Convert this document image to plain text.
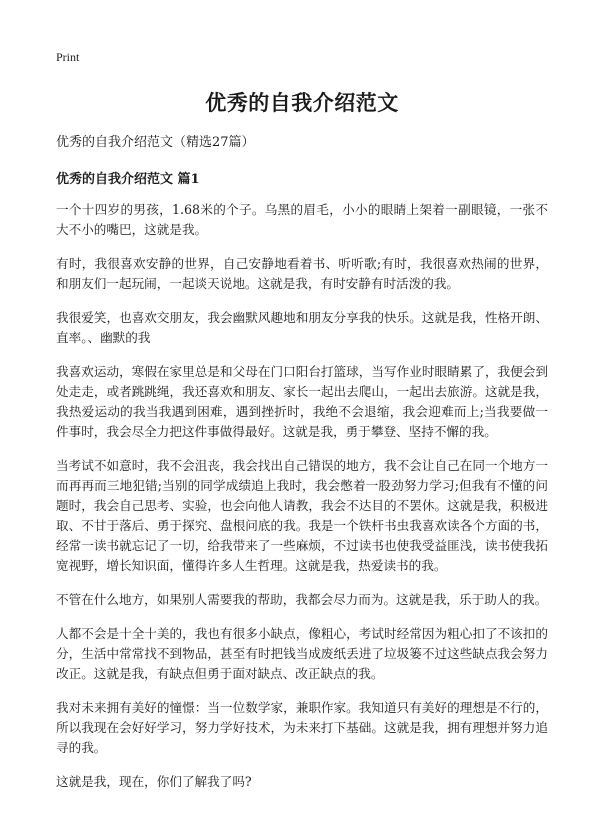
Print
优秀的自我介绍范文
优秀的自我介绍范文（精选27篇）
优秀的自我介绍范文 篇1

一个十四岁的男孩，1.68米的个子。乌黑的眉毛，小小的眼睛上架着一副眼镜，一张不大不小的嘴巴，这就是我。

有时，我很喜欢安静的世界，自己安静地看着书、听听歌;有时，我很喜欢热闹的世界，和朋友们一起玩闹，一起谈天说地。这就是我，有时安静有时活泼的我。

我很爱笑，也喜欢交朋友，我会幽默风趣地和朋友分享我的快乐。这就是我，性格开朗、直率。、幽默的我

我喜欢运动，寒假在家里总是和父母在门口阳台打篮球，当写作业时眼睛累了，我便会到处走走，或者跳跳绳，我还喜欢和朋友、家长一起出去爬山，一起出去旅游。这就是我，我热爱运动的我当我遇到困难，遇到挫折时，我绝不会退缩，我会迎难而上;当我要做一件事时，我会尽全力把这件事做得最好。这就是我，勇于攀登、坚持不懈的我。

当考试不如意时，我不会沮丧，我会找出自己错误的地方，我不会让自己在同一个地方一而再再而三地犯错;当别的同学成绩追上我时，我会憋着一股劲努力学习;但我有不懂的问题时，我会自己思考、实验，也会向他人请教，我会不达目的不罢休。这就是我，积极进取、不甘于落后、勇于探究、盘根问底的我。我是一个铁杆书虫我喜欢读各个方面的书，经常一读书就忘记了一切，给我带来了一些麻烦，不过读书也使我受益匪浅，读书使我拓宽视野，增长知识面，懂得许多人生哲理。这就是我，热爱读书的我。

不管在什么地方，如果别人需要我的帮助，我都会尽力而为。这就是我，乐于助人的我。

人都不会是十全十美的，我也有很多小缺点，像粗心，考试时经常因为粗心扣了不该扣的分，生活中常常找不到物品，甚至有时把钱当成废纸丢进了垃圾篓不过这些缺点我会努力改正。这就是我，有缺点但勇于面对缺点、改正缺点的我。

我对未来拥有美好的憧憬：当一位数学家，兼职作家。我知道只有美好的理想是不行的，所以我现在会好好学习，努力学好技术，为未来打下基础。这就是我，拥有理想并努力追寻的我。

这就是我，现在，你们了解我了吗?
